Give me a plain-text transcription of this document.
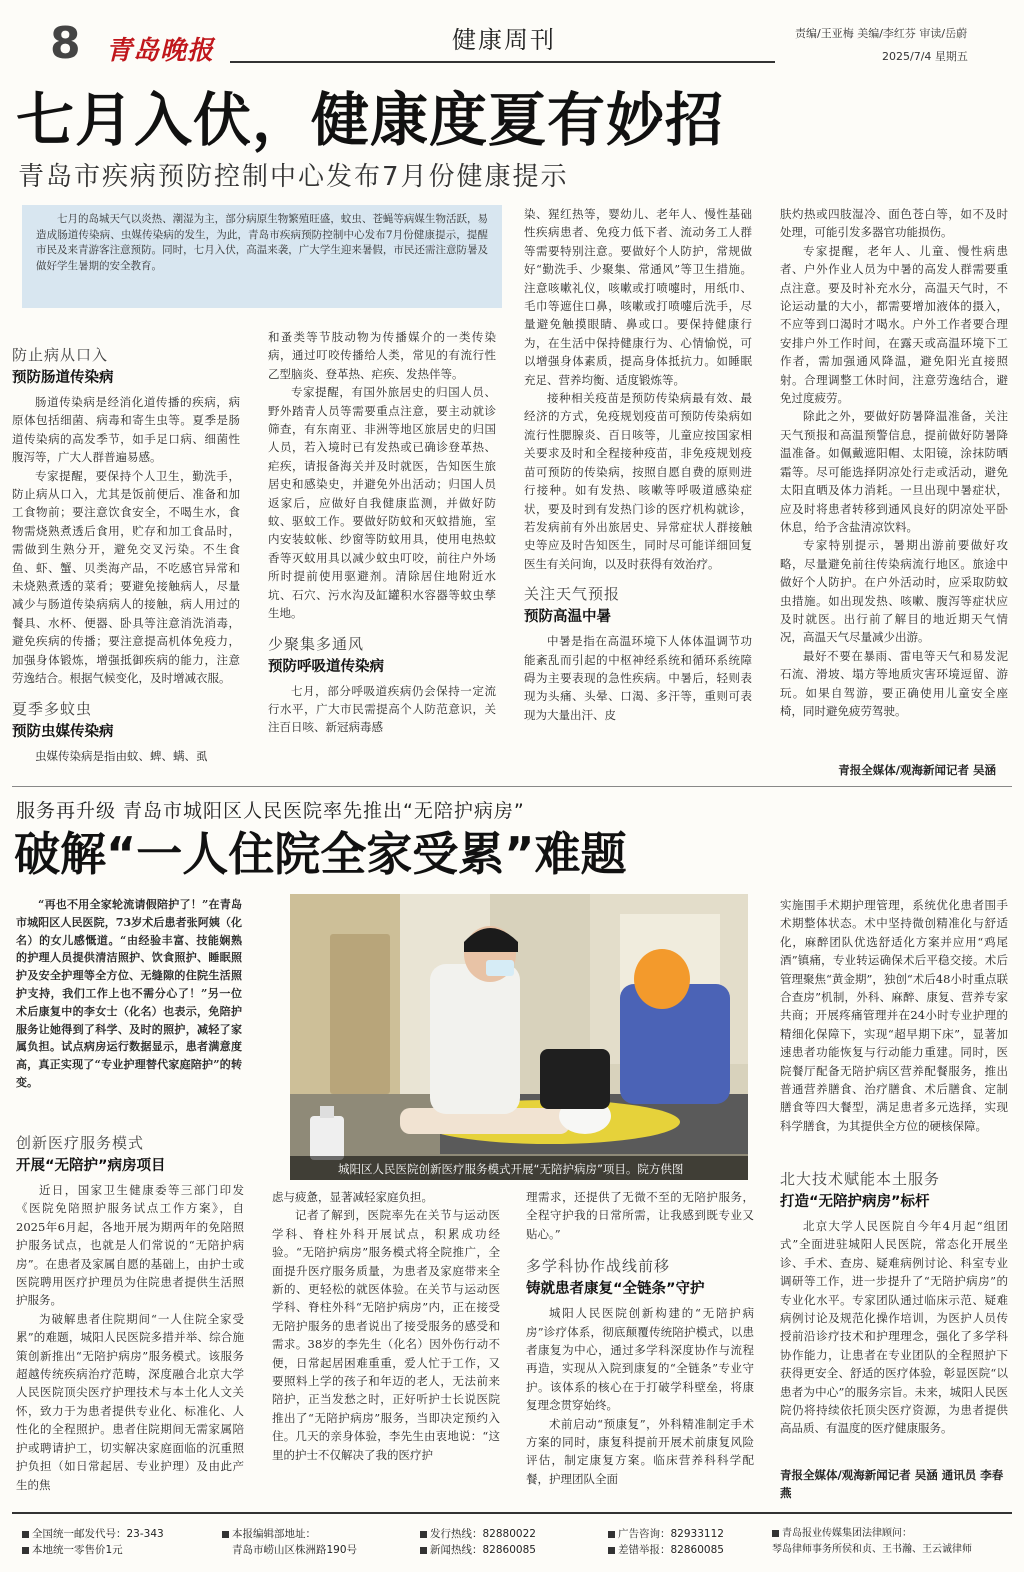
8 青岛晚报	健康周刊	责编/王亚梅 美编/李红芬 审读/岳蔚
2025/7/4 星期五
七月入伏，健康度夏有妙招
青岛市疾病预防控制中心发布7月份健康提示
七月的岛城天气以炎热、潮湿为主，部分病原生物繁殖旺盛，蚊虫、苍蝇等病媒生物活跃，易造成肠道传染病、虫媒传染病的发生，为此，青岛市疾病预防控制中心发布7月份健康提示，提醒市民及来青游客注意预防。同时，七月入伏，高温来袭，广大学生迎来暑假，市民还需注意防暑及做好学生暑期的安全教育。
防止病从口入
预防肠道传染病

肠道传染病是经消化道传播的疾病，病原体包括细菌、病毒和寄生虫等。夏季是肠道传染病的高发季节，如手足口病、细菌性腹泻等，广大人群普遍易感。

专家提醒，要保持个人卫生，勤洗手，防止病从口入，尤其是饭前便后、准备和加工食物前；要注意饮食安全，不喝生水，食物需烧熟煮透后食用，贮存和加工食品时，需做到生熟分开，避免交叉污染。不生食鱼、虾、蟹、贝类海产品，不吃感官异常和未烧熟煮透的菜肴；要避免接触病人，尽量减少与肠道传染病病人的接触，病人用过的餐具、水杯、便器、卧具等注意消洗消毒，避免疾病的传播；要注意提高机体免疫力，加强身体锻炼，增强抵御疾病的能力，注意劳逸结合。根据气候变化，及时增减衣服。

夏季多蚊虫
预防虫媒传染病

虫媒传染病是指由蚊、蜱、螨、虱

和蚤类等节肢动物为传播媒介的一类传染病，通过叮咬传播给人类，常见的有流行性乙型脑炎、登革热、疟疾、发热伴等。

专家提醒，有国外旅居史的归国人员、野外踏青人员等需要重点注意，要主动就诊筛查，有东南亚、非洲等地区旅居史的归国人员，若入境时已有发热或已确诊登革热、疟疾，请报备海关并及时就医，告知医生旅居史和感染史，并避免外出活动；归国人员返家后，应做好自我健康监测，并做好防蚊、驱蚊工作。要做好防蚊和灭蚊措施，室内安装蚊帐、纱窗等防蚊用具，使用电热蚊香等灭蚊用具以减少蚊虫叮咬，前往户外场所时提前使用驱避剂。清除居住地附近水坑、石穴、污水沟及缸罐积水容器等蚊虫孳生地。

少聚集多通风
预防呼吸道传染病

七月，部分呼吸道疾病仍会保持一定流行水平，广大市民需提高个人防范意识，关注百日咳、新冠病毒感

染、猩红热等，婴幼儿、老年人、慢性基础性疾病患者、免疫力低下者、流动务工人群等需要特别注意。要做好个人防护，常规做好“勤洗手、少聚集、常通风”等卫生措施。注意咳嗽礼仪，咳嗽或打喷嚏时，用纸巾、毛巾等遮住口鼻，咳嗽或打喷嚏后洗手，尽量避免触摸眼睛、鼻或口。要保持健康行为，在生活中保持健康行为、心情愉悦，可以增强身体素质，提高身体抵抗力。如睡眠充足、营养均衡、适度锻炼等。

接种相关疫苗是预防传染病最有效、最经济的方式，免疫规划疫苗可预防传染病如流行性腮腺炎、百日咳等，儿童应按国家相关要求及时和全程接种疫苗，非免疫规划疫苗可预防的传染病，按照自愿自费的原则进行接种。如有发热、咳嗽等呼吸道感染症状，要及时到有发热门诊的医疗机构就诊，若发病前有外出旅居史、异常症状人群接触史等应及时告知医生，同时尽可能详细回复医生有关问询，以及时获得有效治疗。

关注天气预报
预防高温中暑

中暑是指在高温环境下人体体温调节功能紊乱而引起的中枢神经系统和循环系统障碍为主要表现的急性疾病。中暑后，轻则表现为头痛、头晕、口渴、多汗等，重则可表现为大量出汗、皮

肤灼热或四肢湿冷、面色苍白等，如不及时处理，可能引发多器官功能损伤。

专家提醒，老年人、儿童、慢性病患者、户外作业人员为中暑的高发人群需要重点注意。要及时补充水分，高温天气时，不论运动量的大小，都需要增加液体的摄入，不应等到口渴时才喝水。户外工作者要合理安排户外工作时间，在露天或高温环境下工作者，需加强通风降温，避免阳光直接照射。合理调整工休时间，注意劳逸结合，避免过度疲劳。

除此之外，要做好防暑降温准备，关注天气预报和高温预警信息，提前做好防暑降温准备。如佩戴遮阳帽、太阳镜，涂抹防晒霜等。尽可能选择阴凉处行走或活动，避免太阳直晒及体力消耗。一旦出现中暑症状，应及时将患者转移到通风良好的阴凉处平卧休息，给予含盐清凉饮料。

专家特别提示，暑期出游前要做好攻略，尽量避免前往传染病流行地区。旅途中做好个人防护。在户外活动时，应采取防蚊虫措施。如出现发热、咳嗽、腹泻等症状应及时就医。出行前了解目的地近期天气情况，高温天气尽量减少出游。

最好不要在暴雨、雷电等天气和易发泥石流、滑坡、塌方等地质灾害环境逗留、游玩。如果自驾游，要正确使用儿童安全座椅，同时避免疲劳驾驶。

青报全媒体/观海新闻记者 吴涵
服务再升级 青岛市城阳区人民医院率先推出“无陪护病房”
破解“一人住院全家受累”难题

“再也不用全家轮流请假陪护了！”在青岛市城阳区人民医院，73岁术后患者张阿姨（化名）的女儿感慨道。“由经验丰富、技能娴熟的护理人员提供清洁照护、饮食照护、睡眠照护及安全护理等全方位、无缝隙的住院生活照护支持，我们工作上也不需分心了！”另一位术后康复中的李女士（化名）也表示，免陪护服务让她得到了科学、及时的照护，减轻了家属负担。试点病房运行数据显示，患者满意度高，真正实现了“专业护理替代家庭陪护”的转变。

城阳区人民医院创新医疗服务模式开展“无陪护病房”项目。院方供图

实施围手术期护理管理，系统优化患者围手术期整体状态。术中坚持微创精准化与舒适化，麻醉团队优选舒适化方案并应用“鸡尾酒”镇痛，专业转运确保术后平稳交接。术后管理聚焦“黄金期”，独创“术后48小时重点联合查房”机制，外科、麻醉、康复、营养专家共商；开展疼痛管理并在24小时专业护理的精细化保障下，实现“超早期下床”，显著加速患者功能恢复与行动能力重建。同时，医院餐厅配备无陪护病区营养配餐服务，推出普通营养膳食、治疗膳食、术后膳食、定制膳食等四大餐型，满足患者多元选择，实现科学膳食，为其提供全方位的硬核保障。

创新医疗服务模式
开展“无陪护”病房项目

近日，国家卫生健康委等三部门印发《医院免陪照护服务试点工作方案》，自2025年6月起，各地开展为期两年的免陪照护服务试点，也就是人们常说的“无陪护病房”。在患者及家属自愿的基础上，由护士或医院聘用医疗护理员为住院患者提供生活照护服务。

为破解患者住院期间“一人住院全家受累”的难题，城阳人民医院多措并举、综合施策创新推出“无陪护病房”服务模式。该服务超越传统疾病治疗范畴，深度融合北京大学人民医院顶尖医疗护理技术与本土化人文关怀，致力于为患者提供专业化、标准化、人性化的全程照护。患者住院期间无需家属陪护或聘请护工，切实解决家庭面临的沉重照护负担（如日常起居、专业护理）及由此产生的焦

虑与疲惫，显著减轻家庭负担。

记者了解到，医院率先在关节与运动医学科、脊柱外科开展试点，积累成功经验。“无陪护病房”服务模式将全院推广，全面提升医疗服务质量，为患者及家庭带来全新的、更轻松的就医体验。在关节与运动医学科、脊柱外科“无陪护病房”内，正在接受无陪护服务的患者说出了接受服务的感受和需求。38岁的李先生（化名）因外伤行动不便，日常起居困难重重，爱人忙于工作，又要照料上学的孩子和年迈的老人，无法前来陪护，正当发愁之时，正好听护士长说医院推出了“无陪护病房”服务，当即决定预约入住。几天的亲身体验，李先生由衷地说：“这里的护士不仅解决了我的医疗护

理需求，还提供了无微不至的无陪护服务，全程守护我的日常所需，让我感到既专业又贴心。”

多学科协作战线前移
铸就患者康复“全链条”守护

城阳人民医院创新构建的“无陪护病房”诊疗体系，彻底颠覆传统陪护模式，以患者康复为中心，通过多学科深度协作与流程再造，实现从入院到康复的“全链条”专业守护。该体系的核心在于打破学科壁垒，将康复理念贯穿始终。

术前启动“预康复”，外科精准制定手术方案的同时，康复科提前开展术前康复风险评估，制定康复方案。临床营养科科学配餐，护理团队全面

北大技术赋能本土服务
打造“无陪护病房”标杆

北京大学人民医院自今年4月起“组团式”全面进驻城阳人民医院，常态化开展坐诊、手术、查房、疑难病例讨论、科室专业调研等工作，进一步提升了“无陪护病房”的专业化水平。专家团队通过临床示范、疑难病例讨论及规范化操作培训，为医护人员传授前沿诊疗技术和护理理念，强化了多学科协作能力，让患者在专业团队的全程照护下获得更安全、舒适的医疗体验，彰显医院“以患者为中心”的服务宗旨。未来，城阳人民医院仍将持续依托顶尖医疗资源，为患者提供高品质、有温度的医疗健康服务。

青报全媒体/观海新闻记者 吴涵 通讯员 李春燕
全国统一邮发代号：23-343
本地统一零售价1元
本报编辑部地址：
青岛市崂山区株洲路190号
发行热线：82880022
新闻热线：82860085
广告咨询：82933112
差错举报：82860085
青岛报业传媒集团法律顾问：
琴岛律师事务所侯和贞、王书瀚、王云诚律师
